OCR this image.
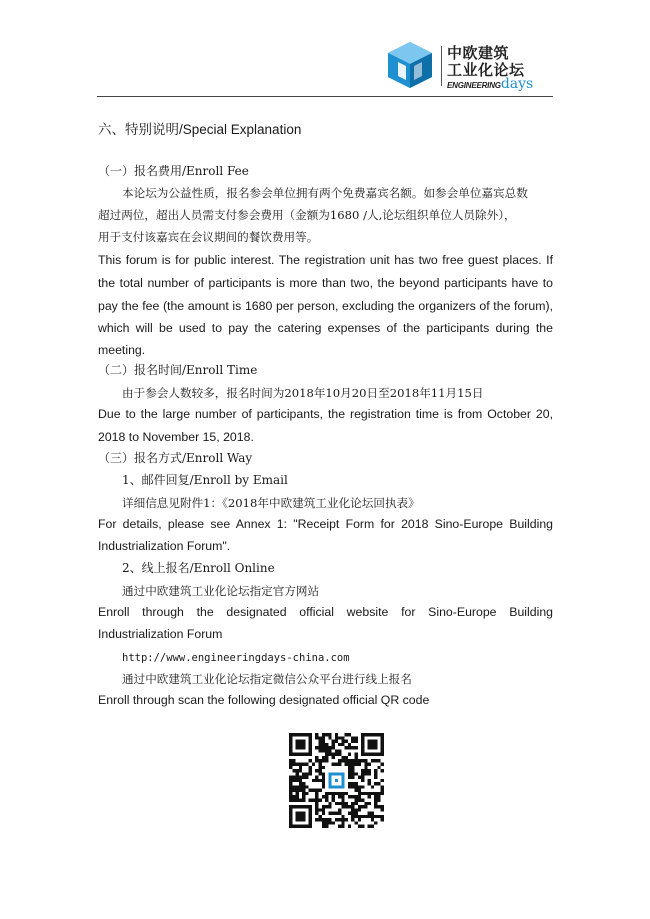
中欧建筑
工业化论坛
ENGINEERINGdays
六、特别说明/Special Explanation
（一）报名费用/Enroll Fee
本论坛为公益性质，报名参会单位拥有两个免费嘉宾名额。如参会单位嘉宾总数
超过两位，超出人员需支付参会费用（金额为1680 /人,论坛组织单位人员除外），
用于支付该嘉宾在会议期间的餐饮费用等。
This forum is for public interest. The registration unit has two free guest places. If
the total number of participants is more than two, the beyond participants have to
pay the fee (the amount is 1680 per person, excluding the organizers of the forum),
which will be used to pay the catering expenses of the participants during the
meeting.
（二）报名时间/Enroll Time
由于参会人数较多，报名时间为2018年10月20日至2018年11月15日
Due to the large number of participants, the registration time is from October 20,
2018 to November 15, 2018.
（三）报名方式/Enroll Way
1、邮件回复/Enroll by Email
详细信息见附件1：《2018年中欧建筑工业化论坛回执表》
For details, please see Annex 1: "Receipt Form for 2018 Sino-Europe Building
Industrialization Forum".
2、线上报名/Enroll Online
通过中欧建筑工业化论坛指定官方网站
Enroll through the designated official website for Sino-Europe Building
Industrialization Forum
http://www.engineeringdays-china.com
通过中欧建筑工业化论坛指定微信公众平台进行线上报名
Enroll through scan the following designated official QR code
